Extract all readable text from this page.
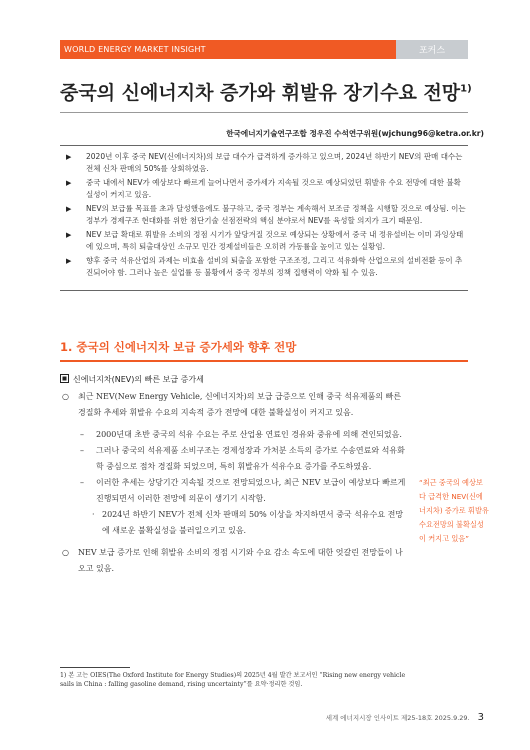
WORLD ENERGY MARKET INSIGHT	포커스
중국의 신에너지차 증가와 휘발유 장기수요 전망$^{1)}$
한국에너지기술연구조합 정우진 수석연구위원(wjchung96@ketra.or.kr)
▶	2020년 이후 중국 NEV(신에너지차)의 보급 대수가 급격하게 증가하고 있으며, 2024년 하반기 NEV의 판매 대수는 전체 신차 판매의 50%를 상회하였음.
▶	중국 내에서 NEV가 예상보다 빠르게 늘어나면서 증가세가 지속될 것으로 예상되었던 휘발유 수요 전망에 대한 불확실성이 커지고 있음.
▶	NEV의 보급률 목표를 초과 달성했음에도 불구하고, 중국 정부는 계속해서 보조금 정책을 시행할 것으로 예상됨. 이는 정부가 경제구조 현대화를 위한 첨단기술 선점전략의 핵심 분야로서 NEV를 육성할 의지가 크기 때문임.
▶	NEV 보급 확대로 휘발유 소비의 정점 시기가 앞당겨질 것으로 예상되는 상황에서 중국 내 정유설비는 이미 과잉상태에 있으며, 특히 퇴출대상인 소규모 민간 정제설비들은 오히려 가동률을 높이고 있는 실황임.
▶	향후 중국 석유산업의 과제는 비효율 설비의 퇴출을 포함한 구조조정, 그리고 석유화학 산업으로의 설비전환 등이 추진되어야 함. 그러나 높은 실업률 등 불황에서 중국 정부의 정책 집행력이 약화 될 수 있음.
1. 중국의 신에너지차 보급 증가세와 향후 전망
신에너지차(NEV)의 빠른 보급 증가세
○	최근 NEV(New Energy Vehicle, 신에너지차)의 보급 급증으로 인해 중국 석유제품의 빠른 경질화 추세와 휘발유 수요의 지속적 증가 전망에 대한 불확실성이 커지고 있음.
–	2000년대 초반 중국의 석유 수요는 주로 산업용 연료인 경유와 중유에 의해 견인되었음.
–	그러나 중국의 석유제품 소비구조는 경제성장과 가처분 소득의 증가로 수송연료와 석유화학 중심으로 점차 경질화 되었으며, 특히 휘발유가 석유수요 증가를 주도하였음.
–	이러한 추세는 상당기간 지속될 것으로 전망되었으나, 최근 NEV 보급이 예상보다 빠르게 진행되면서 이러한 전망에 의문이 생기기 시작함.
· 2024년 하반기 NEV가 전체 신차 판매의 50% 이상을 차지하면서 중국 석유수요 전망에 새로운 불확실성을 불러일으키고 있음.
○	NEV 보급 증가로 인해 휘발유 소비의 정점 시기와 수요 감소 속도에 대한 엇갈린 전망들이 나오고 있음.
“최근 중국의 예상보다 급격한 NEV(신에너지차) 증가로 휘발유 수요전망의 불확실성이 커지고 있음”
1) 본 고는 OIES(The Oxford Institute for Energy Studies)의 2025년 4월 발간 보고서인 “Rising new energy vehicle sails in China : falling gasoline demand, rising uncertainty”를 요약·정리한 것임.
세계 에너지시장 인사이트 제25-18호 2025.9.29. 3
